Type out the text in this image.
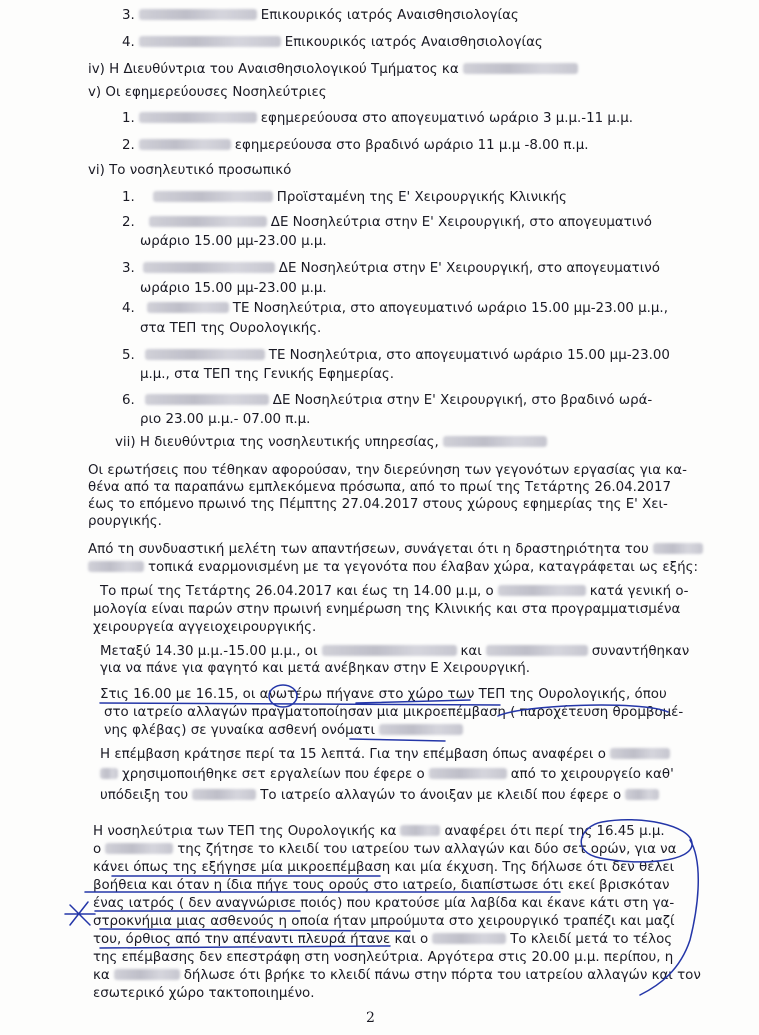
3.	Επικουρικός ιατρός Αναισθησιολογίας
4.	Επικουρικός ιατρός Αναισθησιολογίας
iv) Η Διευθύντρια του Αναισθησιολογικού Τμήματος κα
v) Οι εφημερεύουσες Νοσηλεύτριες
1.	εφημερεύουσα στο απογευματινό ωράριο 3 μ.μ.-11 μ.μ.
2.	εφημερεύουσα στο βραδινό ωράριο 11 μ.μ -8.00 π.μ.
vi) Το νοσηλευτικό προσωπικό
1.	Προϊσταμένη της Ε' Χειρουργικής Κλινικής
2.	ΔΕ Νοσηλεύτρια στην Ε' Χειρουργική, στο απογευματινό
ωράριο 15.00 μμ-23.00 μ.μ.
3.	ΔΕ Νοσηλεύτρια στην Ε' Χειρουργική, στο απογευματινό
ωράριο 15.00 μμ-23.00 μ.μ.
4.	ΤΕ Νοσηλεύτρια, στο απογευματινό ωράριο 15.00 μμ-23.00 μ.μ.,
στα ΤΕΠ της Ουρολογικής.
5.	ΤΕ Νοσηλεύτρια, στο απογευματινό ωράριο 15.00 μμ-23.00
μ.μ., στα ΤΕΠ της Γενικής Εφημερίας.
6.	ΔΕ Νοσηλεύτρια στην Ε' Χειρουργική, στο βραδινό ωρά-
ριο 23.00 μ.μ.- 07.00 π.μ.
vii) Η διευθύντρια της νοσηλευτικής υπηρεσίας,
Οι ερωτήσεις που τέθηκαν αφορούσαν, την διερεύνηση των γεγονότων εργασίας για κα-
θένα από τα παραπάνω εμπλεκόμενα πρόσωπα, από το πρωί της Τετάρτης 26.04.2017
έως το επόμενο πρωινό της Πέμπτης 27.04.2017 στους χώρους εφημερίας της Ε' Χει-
ρουργικής.
Από τη συνδυαστική μελέτη των απαντήσεων, συνάγεται ότι η δραστηριότητα του
τοπικά εναρμονισμένη με τα γεγονότα που έλαβαν χώρα, καταγράφεται ως εξής:
Το πρωί της Τετάρτης 26.04.2017 και έως τη 14.00 μ.μ, ο	κατά γενική ο-
μολογία είναι παρών στην πρωινή ενημέρωση της Κλινικής και στα προγραμματισμένα
χειρουργεία αγγειοχειρουργικής.
Μεταξύ 14.30 μ.μ.-15.00 μ.μ., οι	και	συναντήθηκαν
για να πάνε για φαγητό και μετά ανέβηκαν στην Ε Χειρουργική.
Στις 16.00 με 16.15, οι ανωτέρω πήγανε στο χώρο των ΤΕΠ της Ουρολογικής, όπου
στο ιατρείο αλλαγών πραγματοποίησαν μια μικροεπέμβαση ( παροχέτευση θρομβομέ-
νης φλέβας) σε γυναίκα ασθενή ονόματι
Η επέμβαση κράτησε περί τα 15 λεπτά. Για την επέμβαση όπως αναφέρει ο
χρησιμοποιήθηκε σετ εργαλείων που έφερε ο	από το χειρουργείο καθ'
υπόδειξη του	Το ιατρείο αλλαγών το άνοιξαν με κλειδί που έφερε ο
Η νοσηλεύτρια των ΤΕΠ της Ουρολογικής κα	αναφέρει ότι περί της 16.45 μ.μ.
ο	της ζήτησε το κλειδί του ιατρείου των αλλαγών και δύο σετ ορών, για να
κάνει όπως της εξήγησε μία μικροεπέμβαση και μία έκχυση. Της δήλωσε ότι δεν θέλει
βοήθεια και όταν η ίδια πήγε τους ορούς στο ιατρείο, διαπίστωσε ότι εκεί βρισκόταν
ένας ιατρός ( δεν αναγνώρισε ποιός) που κρατούσε μία λαβίδα και έκανε κάτι στη γα-
στροκνήμια μιας ασθενούς η οποία ήταν μπρούμυτα στο χειρουργικό τραπέζι και μαζί
του, όρθιος από την απέναντι πλευρά ήτανε και ο	Το κλειδί μετά το τέλος
της επέμβασης δεν επεστράφη στη νοσηλεύτρια. Αργότερα στις 20.00 μ.μ. περίπου, η
κα	δήλωσε ότι βρήκε το κλειδί πάνω στην πόρτα του ιατρείου αλλαγών και τον
εσωτερικό χώρο τακτοποιημένο.
2
